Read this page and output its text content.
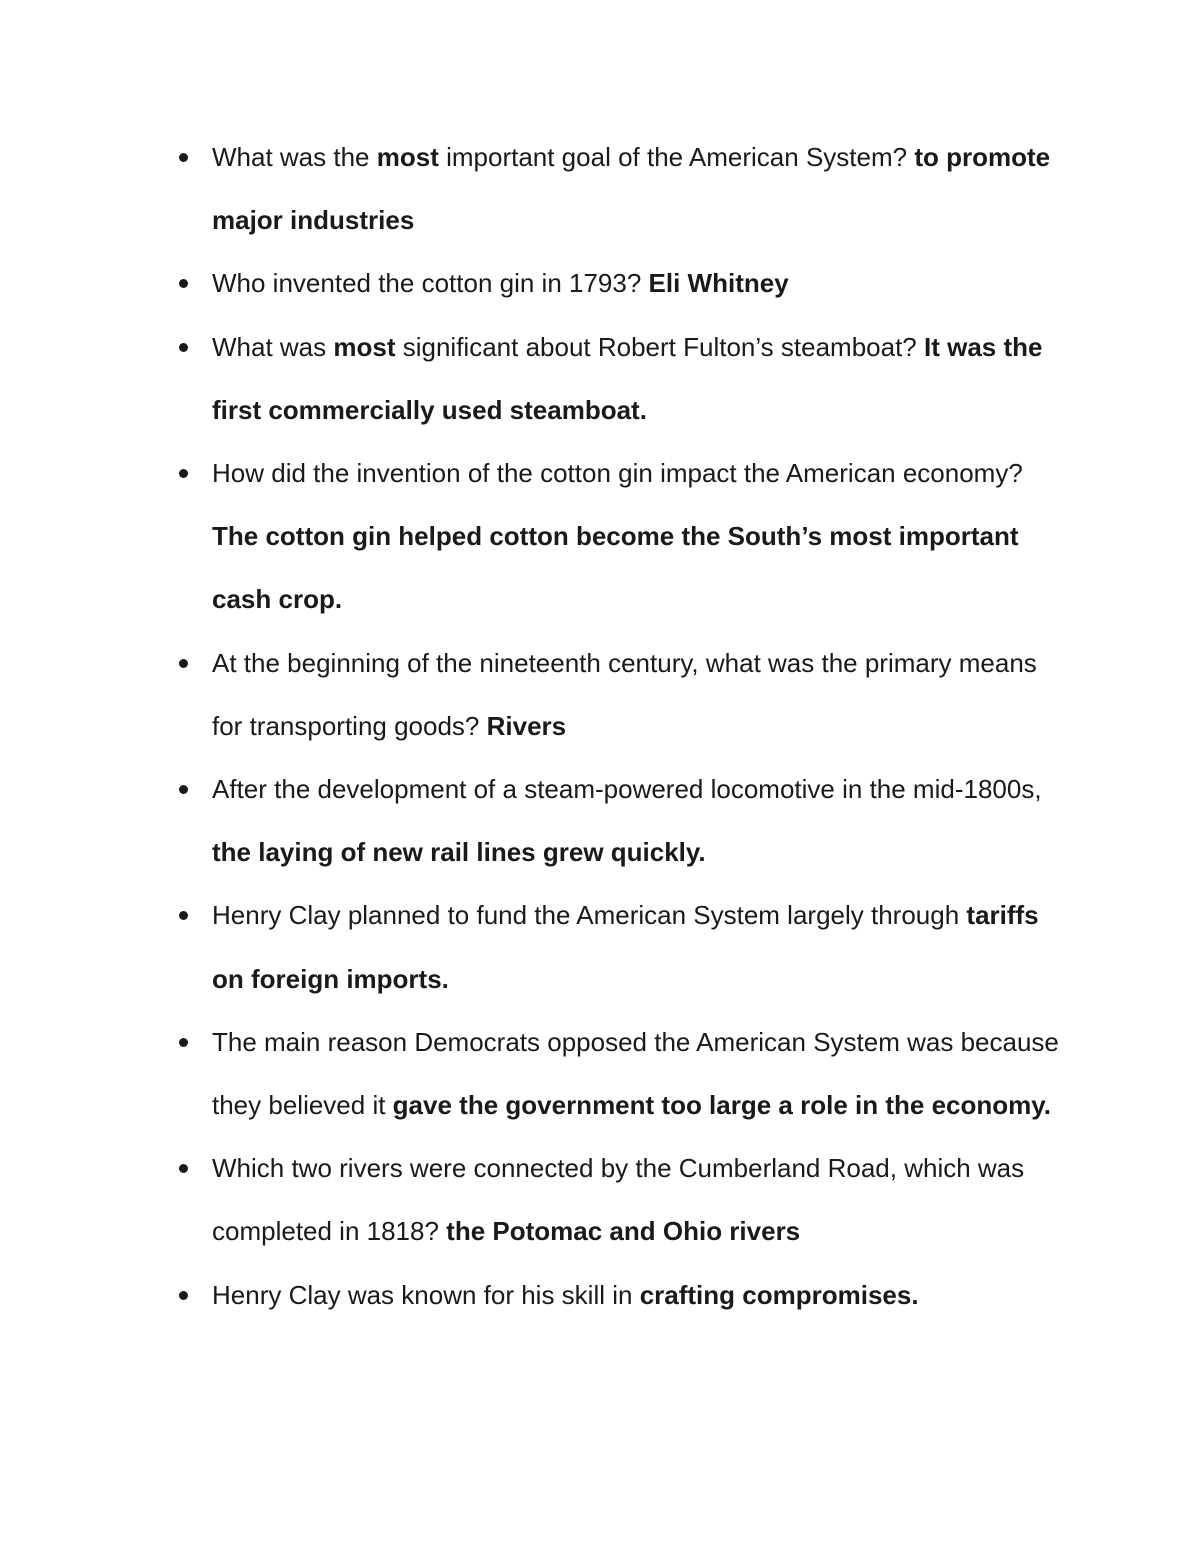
What was the most important goal of the American System? to promote major industries
Who invented the cotton gin in 1793? Eli Whitney
What was most significant about Robert Fulton’s steamboat? It was the first commercially used steamboat.
How did the invention of the cotton gin impact the American economy? The cotton gin helped cotton become the South’s most important cash crop.
At the beginning of the nineteenth century, what was the primary means for transporting goods? Rivers
After the development of a steam-powered locomotive in the mid-1800s, the laying of new rail lines grew quickly.
Henry Clay planned to fund the American System largely through tariffs on foreign imports.
The main reason Democrats opposed the American System was because they believed it gave the government too large a role in the economy.
Which two rivers were connected by the Cumberland Road, which was completed in 1818? the Potomac and Ohio rivers
Henry Clay was known for his skill in crafting compromises.
